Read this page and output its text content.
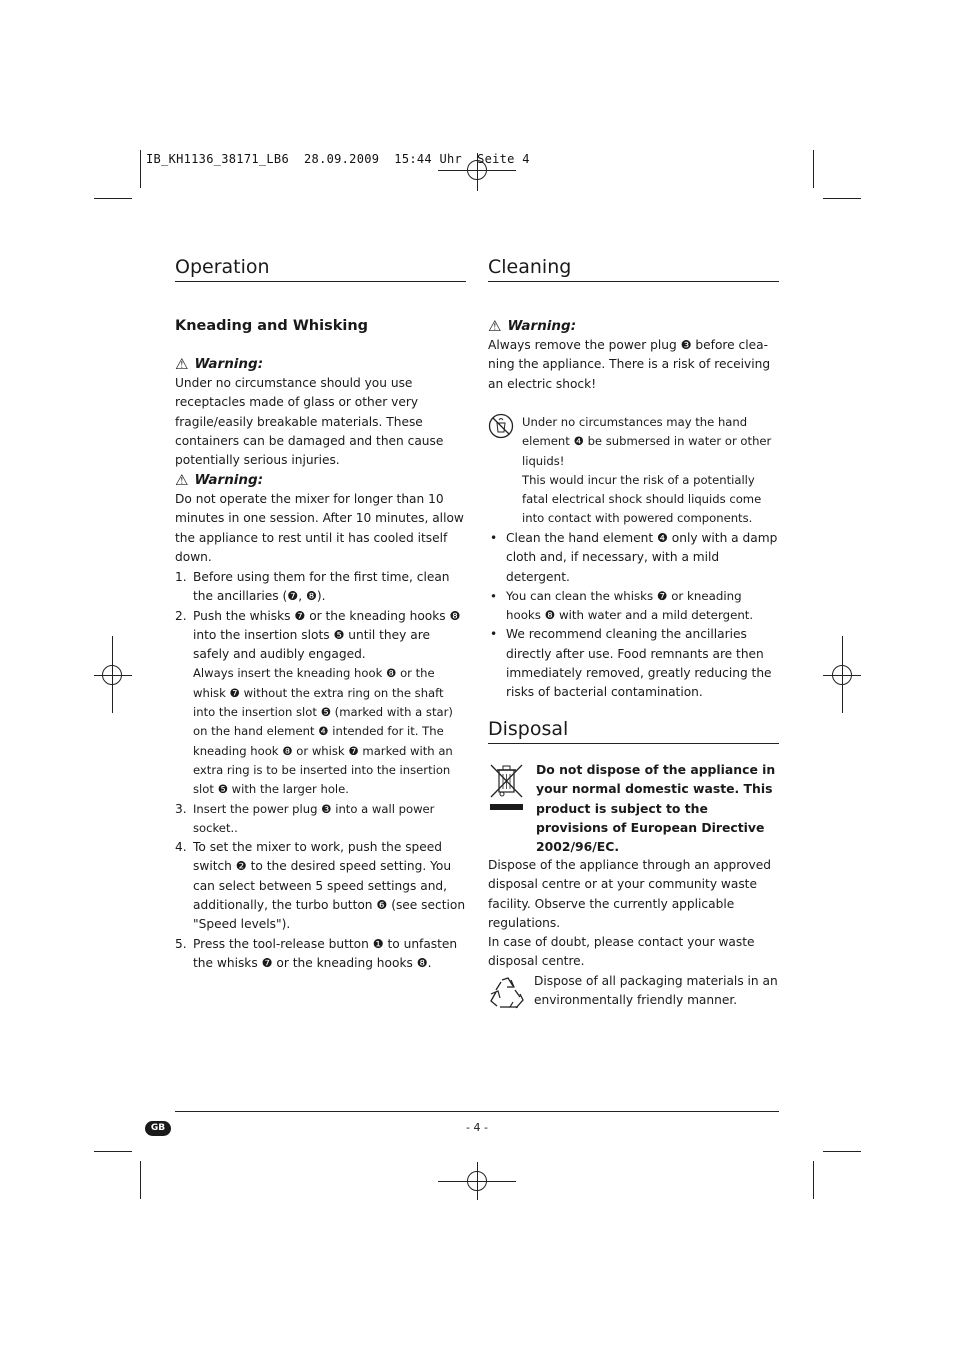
IB_KH1136_38171_LB6  28.09.2009  15:44 Uhr  Seite 4
Operation
Kneading and Whisking
⚠ Warning:

Under no circumstance should you use receptacles made of glass or other very fragile/easily breakable materials. These containers can be damaged and then cause potentially serious injuries.

⚠ Warning:

Do not operate the mixer for longer than 10 minutes in one session. After 10 minutes, allow the appliance to rest until it has cooled itself down.

1. Before using them for the first time, clean the ancillaries (❼, ❽).
2. Push the whisks ❼ or the kneading hooks ❽ into the insertion slots ❺ until they are safely and audibly engaged.
Always insert the kneading hook ❽ or the whisk ❼ without the extra ring on the shaft into the insertion slot ❺ (marked with a star) on the hand element ❹ intended for it. The kneading hook ❽ or whisk ❼ marked with an extra ring is to be inserted into the insertion slot ❺ with the larger hole.
3. Insert the power plug ❸ into a wall power socket..
4. To set the mixer to work, push the speed switch ❷ to the desired speed setting. You can select between 5 speed settings and, additionally, the turbo button ❻ (see section "Speed levels").
5. Press the tool-release button ❶ to unfasten the whisks ❼ or the kneading hooks ❽.
Cleaning
⚠ Warning:

Always remove the power plug ❸ before clea-ning the appliance. There is a risk of receiving an electric shock!

Under no circumstances may the hand element ❹ be submersed in water or other liquids!

This would incur the risk of a potentially fatal electrical shock should liquids come into contact with powered components.

• Clean the hand element ❹ only with a damp cloth and, if necessary, with a mild detergent.
• You can clean the whisks ❼ or kneading hooks ❽ with water and a mild detergent.
• We recommend cleaning the ancillaries directly after use. Food remnants are then immediately removed, greatly reducing the risks of bacterial contamination.
Disposal
Do not dispose of the appliance in your normal domestic waste. This product is subject to the provisions of European Directive 2002/96/EC.

Dispose of the appliance through an approved disposal centre or at your community waste facility. Observe the currently applicable regulations.

In case of doubt, please contact your waste disposal centre.

Dispose of all packaging materials in an environmentally friendly manner.

GB	- 4 -
